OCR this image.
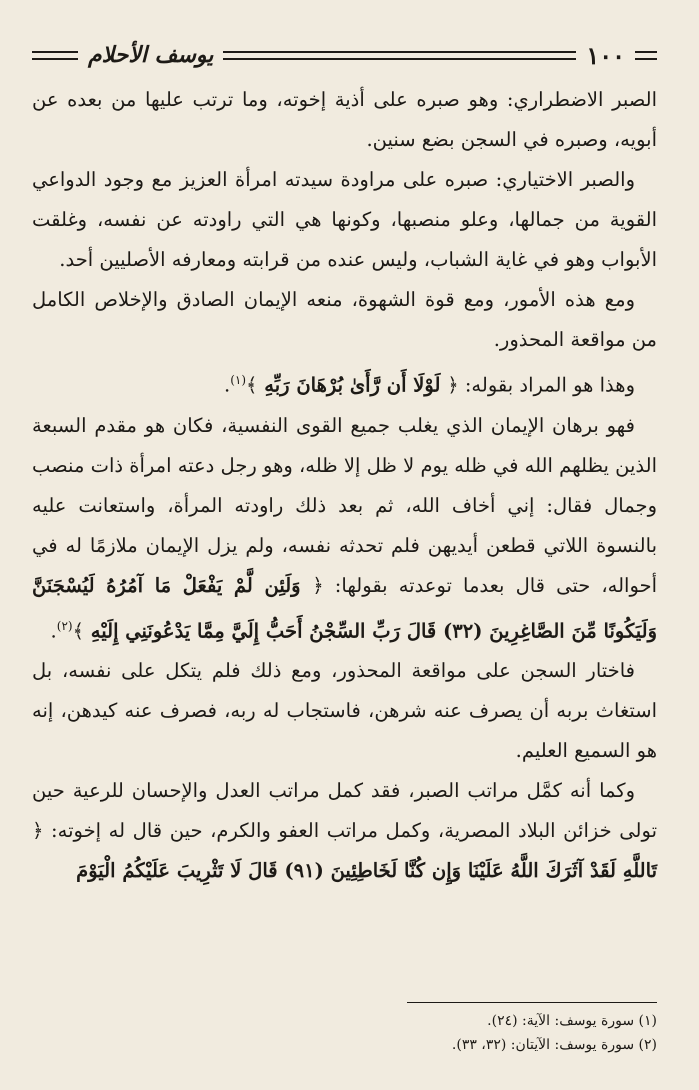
١٠٠
يوسف الأحلام

الصبر الاضطراري: وهو صبره على أذية إخوته، وما ترتب عليها من بعده عن أبويه، وصبره في السجن بضع سنين.

والصبر الاختياري: صبره على مراودة سيدته امرأة العزيز مع وجود الدواعي القوية من جمالها، وعلو منصبها، وكونها هي التي راودته عن نفسه، وغلقت الأبواب وهو في غاية الشباب، وليس عنده من قرابته ومعارفه الأصليين أحد.

ومع هذه الأمور، ومع قوة الشهوة، منعه الإيمان الصادق والإخلاص الكامل من مواقعة المحذور.

وهذا هو المراد بقوله: ﴿ لَوْلَا أَن رَّأَىٰ بُرْهَانَ رَبِّهِ ﴾$^{(١)}$.

فهو برهان الإيمان الذي يغلب جميع القوى النفسية، فكان هو مقدم السبعة الذين يظلهم الله في ظله يوم لا ظل إلا ظله، وهو رجل دعته امرأة ذات منصب وجمال فقال: إني أخاف الله، ثم بعد ذلك راودته المرأة، واستعانت عليه بالنسوة اللاتي قطعن أيديهن فلم تحدثه نفسه، ولم يزل الإيمان ملازمًا له في أحواله، حتى قال بعدما توعدته بقولها: ﴿ وَلَئِن لَّمْ يَفْعَلْ مَا آمُرُهُ لَيُسْجَنَنَّ وَلَيَكُونًا مِّنَ الصَّاغِرِينَ (٣٢) قَالَ رَبِّ السِّجْنُ أَحَبُّ إِلَيَّ مِمَّا يَدْعُونَنِي إِلَيْهِ ﴾$^{(٢)}$.

فاختار السجن على مواقعة المحذور، ومع ذلك فلم يتكل على نفسه، بل استغاث بربه أن يصرف عنه شرهن، فاستجاب له ربه، فصرف عنه كيدهن، إنه هو السميع العليم.

وكما أنه كمَّل مراتب الصبر، فقد كمل مراتب العدل والإحسان للرعية حين تولى خزائن البلاد المصرية، وكمل مراتب العفو والكرم، حين قال له إخوته: ﴿ تَاللَّهِ لَقَدْ آثَرَكَ اللَّهُ عَلَيْنَا وَإِن كُنَّا لَخَاطِئِينَ (٩١) قَالَ لَا تَثْرِيبَ عَلَيْكُمُ الْيَوْمَ

(١) سورة يوسف: الآية: (٢٤).
(٢) سورة يوسف: الآيتان: (٣٢، ٣٣).
